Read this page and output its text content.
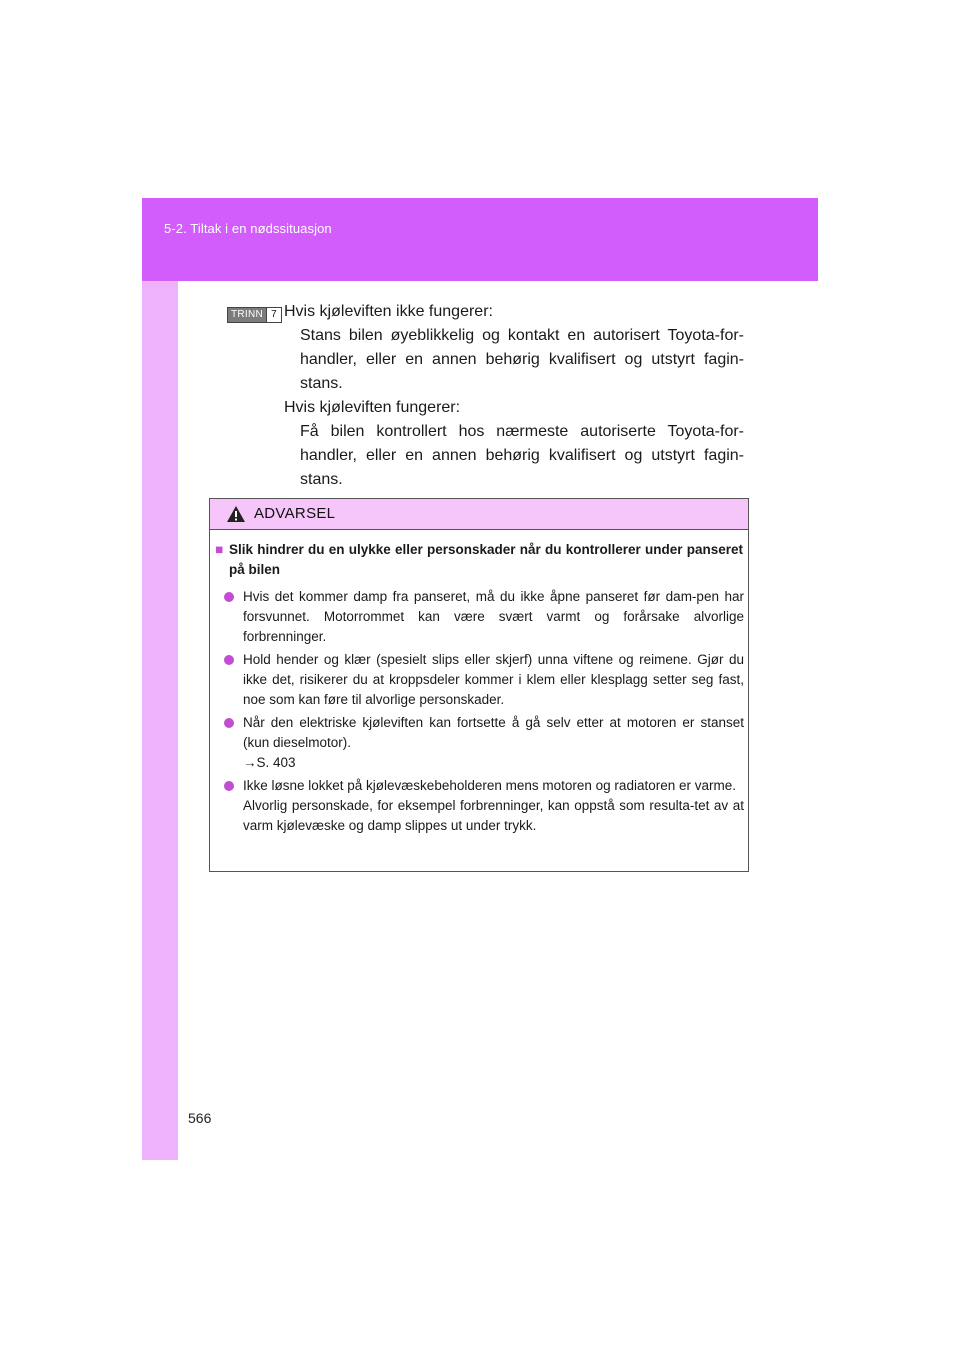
5-2. Tiltak i en nødssituasjon
TRINN 7 Hvis kjøleviften ikke fungerer:
Stans bilen øyeblikkelig og kontakt en autorisert Toyota-for-handler, eller en annen behørig kvalifisert og utstyrt fagin-stans.
Hvis kjøleviften fungerer:
Få bilen kontrollert hos nærmeste autoriserte Toyota-for-handler, eller en annen behørig kvalifisert og utstyrt fagin-stans.
ADVARSEL
■ Slik hindrer du en ulykke eller personskader når du kontrollerer under panseret på bilen
Hvis det kommer damp fra panseret, må du ikke åpne panseret før dam-pen har forsvunnet. Motorrommet kan være svært varmt og forårsake alvorlige forbrenninger.
Hold hender og klær (spesielt slips eller skjerf) unna viftene og reimene. Gjør du ikke det, risikerer du at kroppsdeler kommer i klem eller klesplagg setter seg fast, noe som kan føre til alvorlige personskader.
Når den elektriske kjøleviften kan fortsette å gå selv etter at motoren er stanset (kun dieselmotor).
→S. 403
Ikke løsne lokket på kjølevæskebeholderen mens motoren og radiatoren er varme.
Alvorlig personskade, for eksempel forbrenninger, kan oppstå som resulta-tet av at varm kjølevæske og damp slippes ut under trykk.
566
